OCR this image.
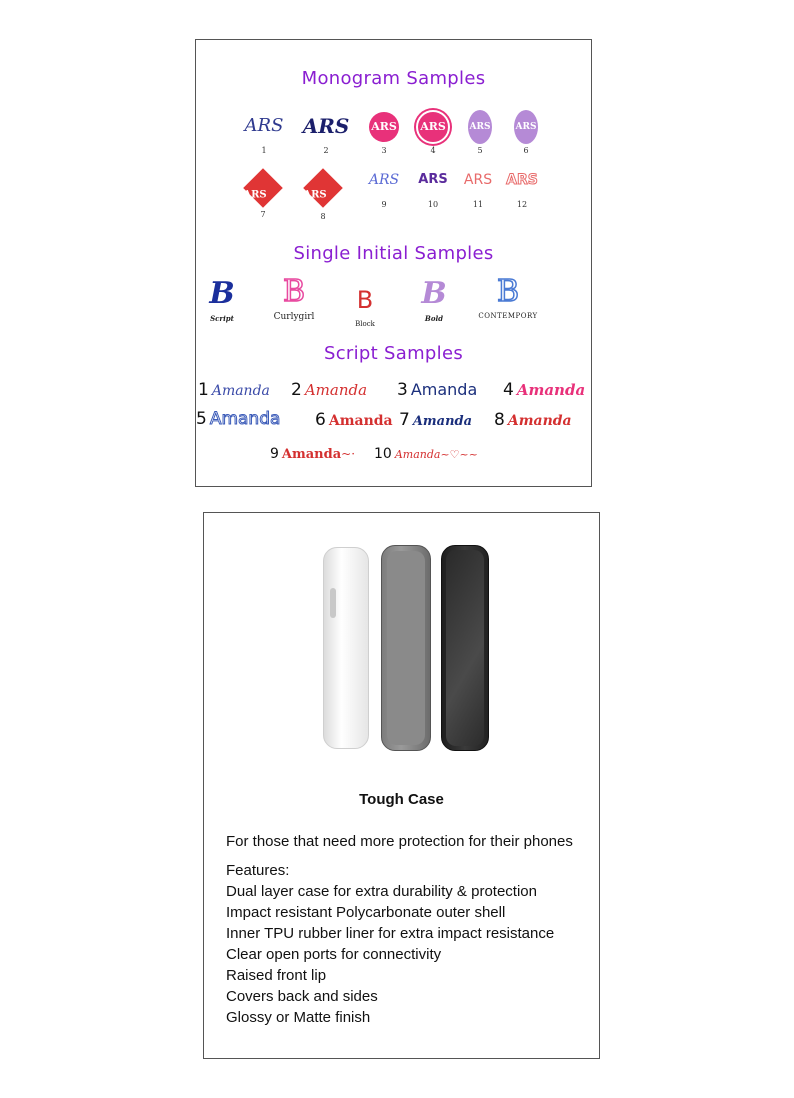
Monogram Samples
ARS
1
ARS
2
ARS
3
ARS
4
ARS
5
ARS
6
ARS
7
ARS
8
ARS
9
ARS
10
ARS
11
ARS
12
Single Initial Samples
B
Script
B
Curlygirl
B
Block
B
Bold
B
CONTEMPORY
Script Samples
1 Amanda 2 Amanda 3 Amanda 4 Amanda
5 Amanda 6 Amanda 7 Amanda 8 Amanda
9 Amanda~· 10 Amanda~♡~~
Tough Case
For those that need more protection for their phones
Features:
Dual layer case for extra durability & protection
Impact resistant Polycarbonate outer shell
Inner TPU rubber liner for extra impact resistance
Clear open ports for connectivity
Raised front lip
Covers back and sides
Glossy or Matte finish
